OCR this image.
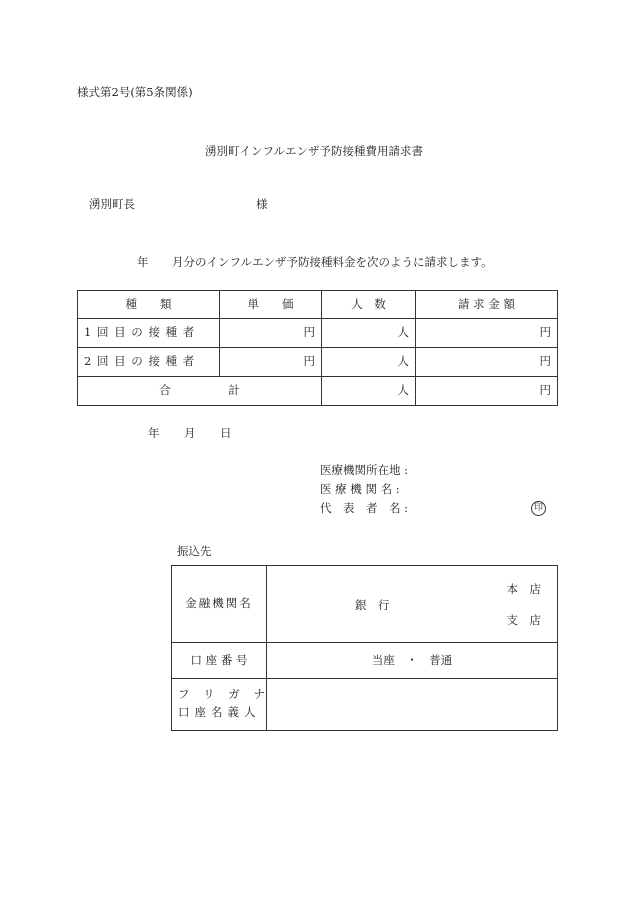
様式第2号(第5条関係)
湧別町インフルエンザ予防接種費用請求書
湧別町長	様
年 月分のインフルエンザ予防接種料金を次のように請求します。
種　　類	単　　価	人　数	請 求 金 額
1 回 目 の 接 種 者	円	人	円
2 回 目 の 接 種 者	円	人	円
合　　　　　計		人	円
年 月 日
医療機関所在地 :
医 療 機 関 名 :
代　表　者　名 :	印
振込先
金融機関名	銀　行
本　店
支　店

口 座 番 号	当座　・　普通

フ リ ガ ナ
口座名義人	
